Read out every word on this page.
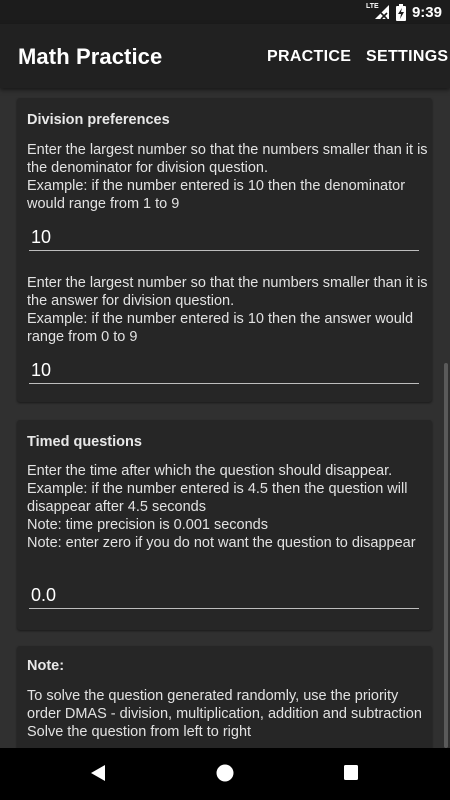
LTE 9:39
Math Practice	PRACTICE SETTINGS
Division preferences
Enter the largest number so that the numbers smaller than it is the denominator for division question.
Example: if the number entered is 10 then the denominator would range from 1 to 9
10
Enter the largest number so that the numbers smaller than it is the answer for division question.
Example: if the number entered is 10 then the answer would range from 0 to 9
10
Timed questions
Enter the time after which the question should disappear.
Example: if the number entered is 4.5 then the question will disappear after 4.5 seconds
Note: time precision is 0.001 seconds
Note: enter zero if you do not want the question to disappear
0.0
Note:
To solve the question generated randomly, use the priority order DMAS - division, multiplication, addition and subtraction
Solve the question from left to right
